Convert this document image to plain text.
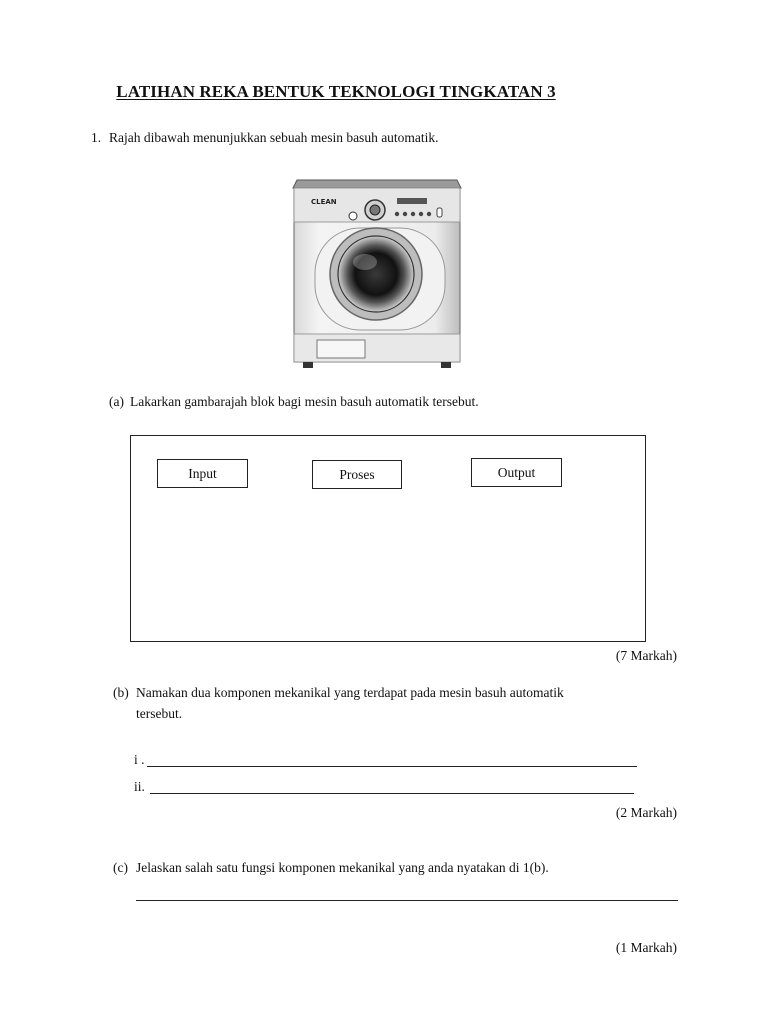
LATIHAN REKA BENTUK TEKNOLOGI TINGKATAN 3
1. Rajah dibawah menunjukkan sebuah mesin basuh automatik.
CLEAN
(a) Lakarkan gambarajah blok bagi mesin basuh automatik tersebut.
Input	Proses	Output
(7 Markah)
(b) Namakan dua komponen mekanikal yang terdapat pada mesin basuh automatik
tersebut.
i .
ii.
(2 Markah)
(c) Jelaskan salah satu fungsi komponen mekanikal yang anda nyatakan di 1(b).
(1 Markah)
